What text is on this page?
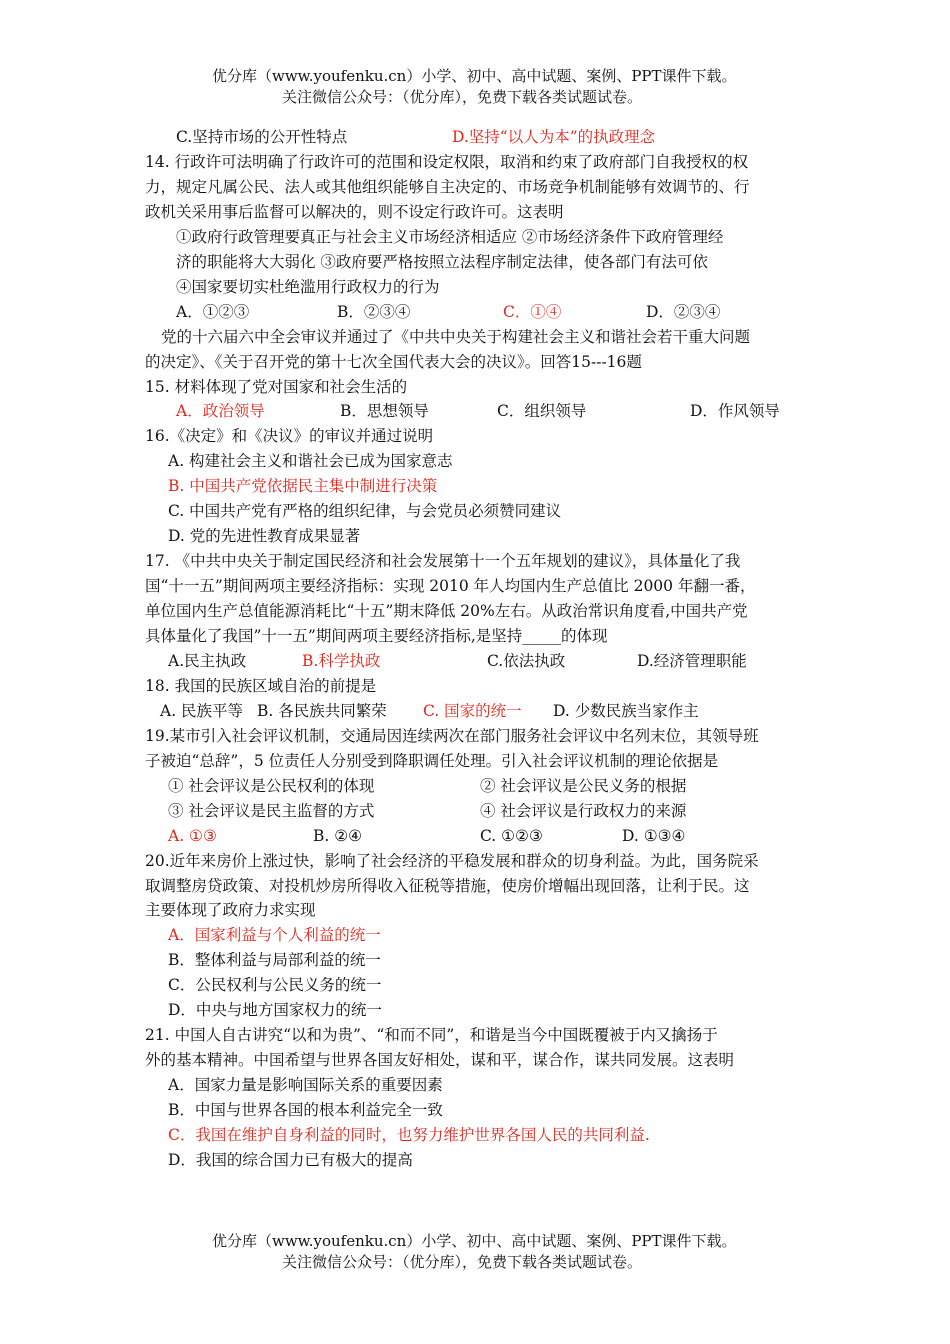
优分库（www.youfenku.cn）小学、初中、高中试题、案例、PPT课件下载。
关注微信公众号：（优分库），免费下载各类试题试卷。
C.坚持市场的公开性特点	D.坚持“以人为本”的执政理念
14. 行政许可法明确了行政许可的范围和设定权限，取消和约束了政府部门自我授权的权
力，规定凡属公民、法人或其他组织能够自主决定的、市场竞争机制能够有效调节的、行
政机关采用事后监督可以解决的，则不设定行政许可。这表明
①政府行政管理要真正与社会主义市场经济相适应 ②市场经济条件下政府管理经
济的职能将大大弱化 ③政府要严格按照立法程序制定法律，使各部门有法可依
④国家要切实杜绝滥用行政权力的行为
A．①②③	B．②③④	C．①④	D．②③④
党的十六届六中全会审议并通过了《中共中央关于构建社会主义和谐社会若干重大问题
的决定》、《关于召开党的第十七次全国代表大会的决议》。回答15---16题
15. 材料体现了党对国家和社会生活的
A．政治领导	B．思想领导	C．组织领导	D．作风领导
16.《决定》和《决议》的审议并通过说明
A. 构建社会主义和谐社会已成为国家意志
B. 中国共产党依据民主集中制进行决策
C. 中国共产党有严格的组织纪律，与会党员必须赞同建议
D. 党的先进性教育成果显著
17. 《中共中央关于制定国民经济和社会发展第十一个五年规划的建议》，具体量化了我
国“十一五”期间两项主要经济指标：实现 2010 年人均国内生产总值比 2000 年翻一番，
单位国内生产总值能源消耗比“十五”期末降低 20%左右。从政治常识角度看,中国共产党
具体量化了我国”十一五”期间两项主要经济指标,是坚持_____的体现
A.民主执政	B.科学执政	C.依法执政	D.经济管理职能
18. 我国的民族区域自治的前提是
A. 民族平等 B. 各民族共同繁荣 C. 国家的统一 D. 少数民族当家作主
19.某市引入社会评议机制，交通局因连续两次在部门服务社会评议中名列末位，其领导班
子被迫“总辞”，5 位责任人分别受到降职调任处理。引入社会评议机制的理论依据是
① 社会评议是公民权利的体现	② 社会评议是公民义务的根据
③ 社会评议是民主监督的方式	④ 社会评议是行政权力的来源
A. ①③	B. ②④	C. ①②③	D. ①③④
20.近年来房价上涨过快，影响了社会经济的平稳发展和群众的切身利益。为此，国务院采
取调整房贷政策、对投机炒房所得收入征税等措施，使房价增幅出现回落，让利于民。这
主要体现了政府力求实现
A．国家利益与个人利益的统一
B．整体利益与局部利益的统一
C．公民权利与公民义务的统一
D．中央与地方国家权力的统一
21. 中国人自古讲究“以和为贵”、“和而不同”，和谐是当今中国既覆被于内又擒扬于
外的基本精神。中国希望与世界各国友好相处，谋和平，谋合作，谋共同发展。这表明
A．国家力量是影响国际关系的重要因素
B．中国与世界各国的根本利益完全一致
C．我国在维护自身利益的同时，也努力维护世界各国人民的共同利益.
D．我国的综合国力已有极大的提高
优分库（www.youfenku.cn）小学、初中、高中试题、案例、PPT课件下载。
关注微信公众号：（优分库），免费下载各类试题试卷。
